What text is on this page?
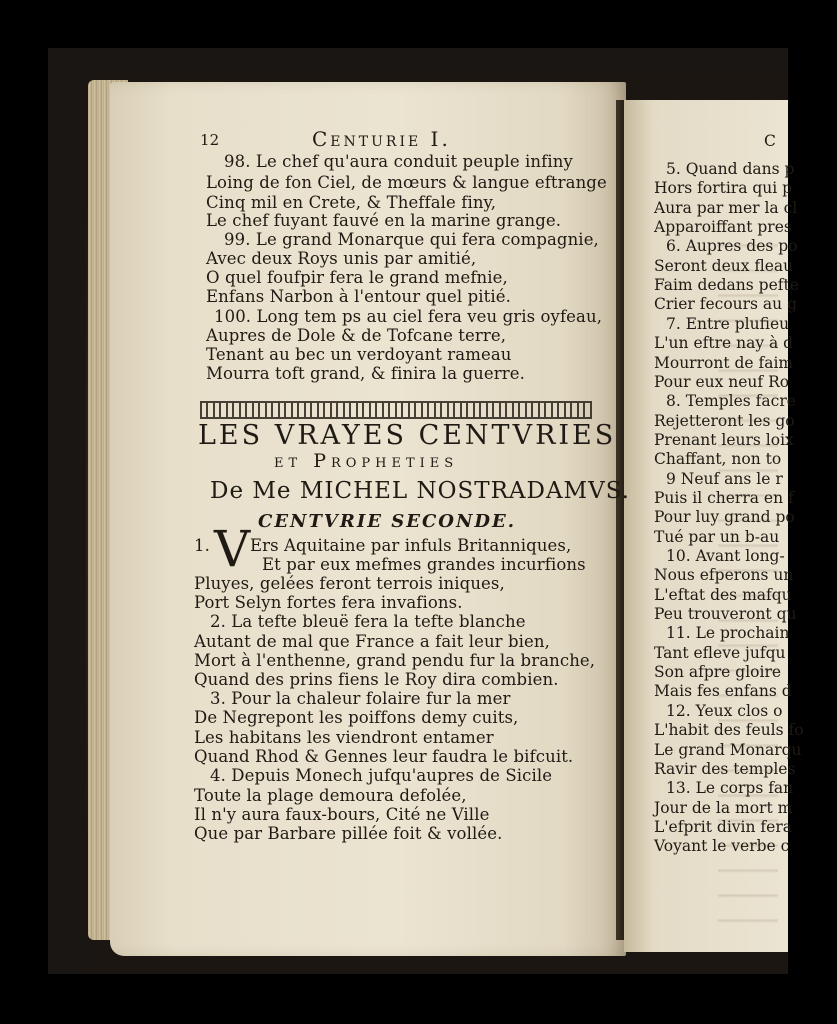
12	Centurie I.
98. Le chef qu'aura conduit peuple infiny
Loing de fon Ciel, de mœurs & langue eftrange
Cinq mil en Crete, & Theffale finy,
Le chef fuyant fauvé en la marine grange.
99. Le grand Monarque qui fera compagnie,
Avec deux Roys unis par amitié,
O quel foufpir fera le grand mefnie,
Enfans Narbon à l'entour quel pitié.
100. Long tem ps au ciel fera veu gris oyfeau,
Aupres de Dole & de Tofcane terre,
Tenant au bec un verdoyant rameau
Mourra toft grand, & finira la guerre.
LES VRAYES CENTVRIES
et Propheties
De Me MICHEL NOSTRADAMVS.
CENTVRIE SECONDE.
1. V Ers Aquitaine par infuls Britanniques,
Et par eux mefmes grandes incurfions
Pluyes, gelées feront terrois iniques,
Port Selyn fortes fera invafions.
2. La tefte bleuë fera la tefte blanche
Autant de mal que France a fait leur bien,
Mort à l'enthenne, grand pendu fur la branche,
Quand des prins fiens le Roy dira combien.
3. Pour la chaleur folaire fur la mer
De Negrepont les poiffons demy cuits,
Les habitans les viendront entamer
Quand Rhod & Gennes leur faudra le bifcuit.
4. Depuis Monech jufqu'aupres de Sicile
Toute la plage demoura defolée,
Il n'y aura faux-bours, Cité ne Ville
Que par Barbare pillée foit & vollée.
C
5. Quand dans p
Hors fortira qui p
Aura par mer la cl
Apparoiffant pres
6. Aupres des po
Seront deux fleau
Faim dedans pefte
Crier fecours au g
7. Entre plufieu
L'un eftre nay à d
Mourront de faim
Pour eux neuf Ro
8. Temples facre
Rejetteront les go
Prenant leurs loix
Chaffant, non to
9 Neuf ans le r
Puis il cherra en f
Pour luy grand po
Tué par un b-au
10. Avant long-
Nous efperons un
L'eftat des mafqu
Peu trouveront qu
11. Le prochain
Tant efleve jufqu
Son afpre gloire
Mais fes enfans d
12. Yeux clos o
L'habit des feuls fo
Le grand Monarqu
Ravir des temples
13. Le corps fan
Jour de la mort m
L'efprit divin fera
Voyant le verbe c
